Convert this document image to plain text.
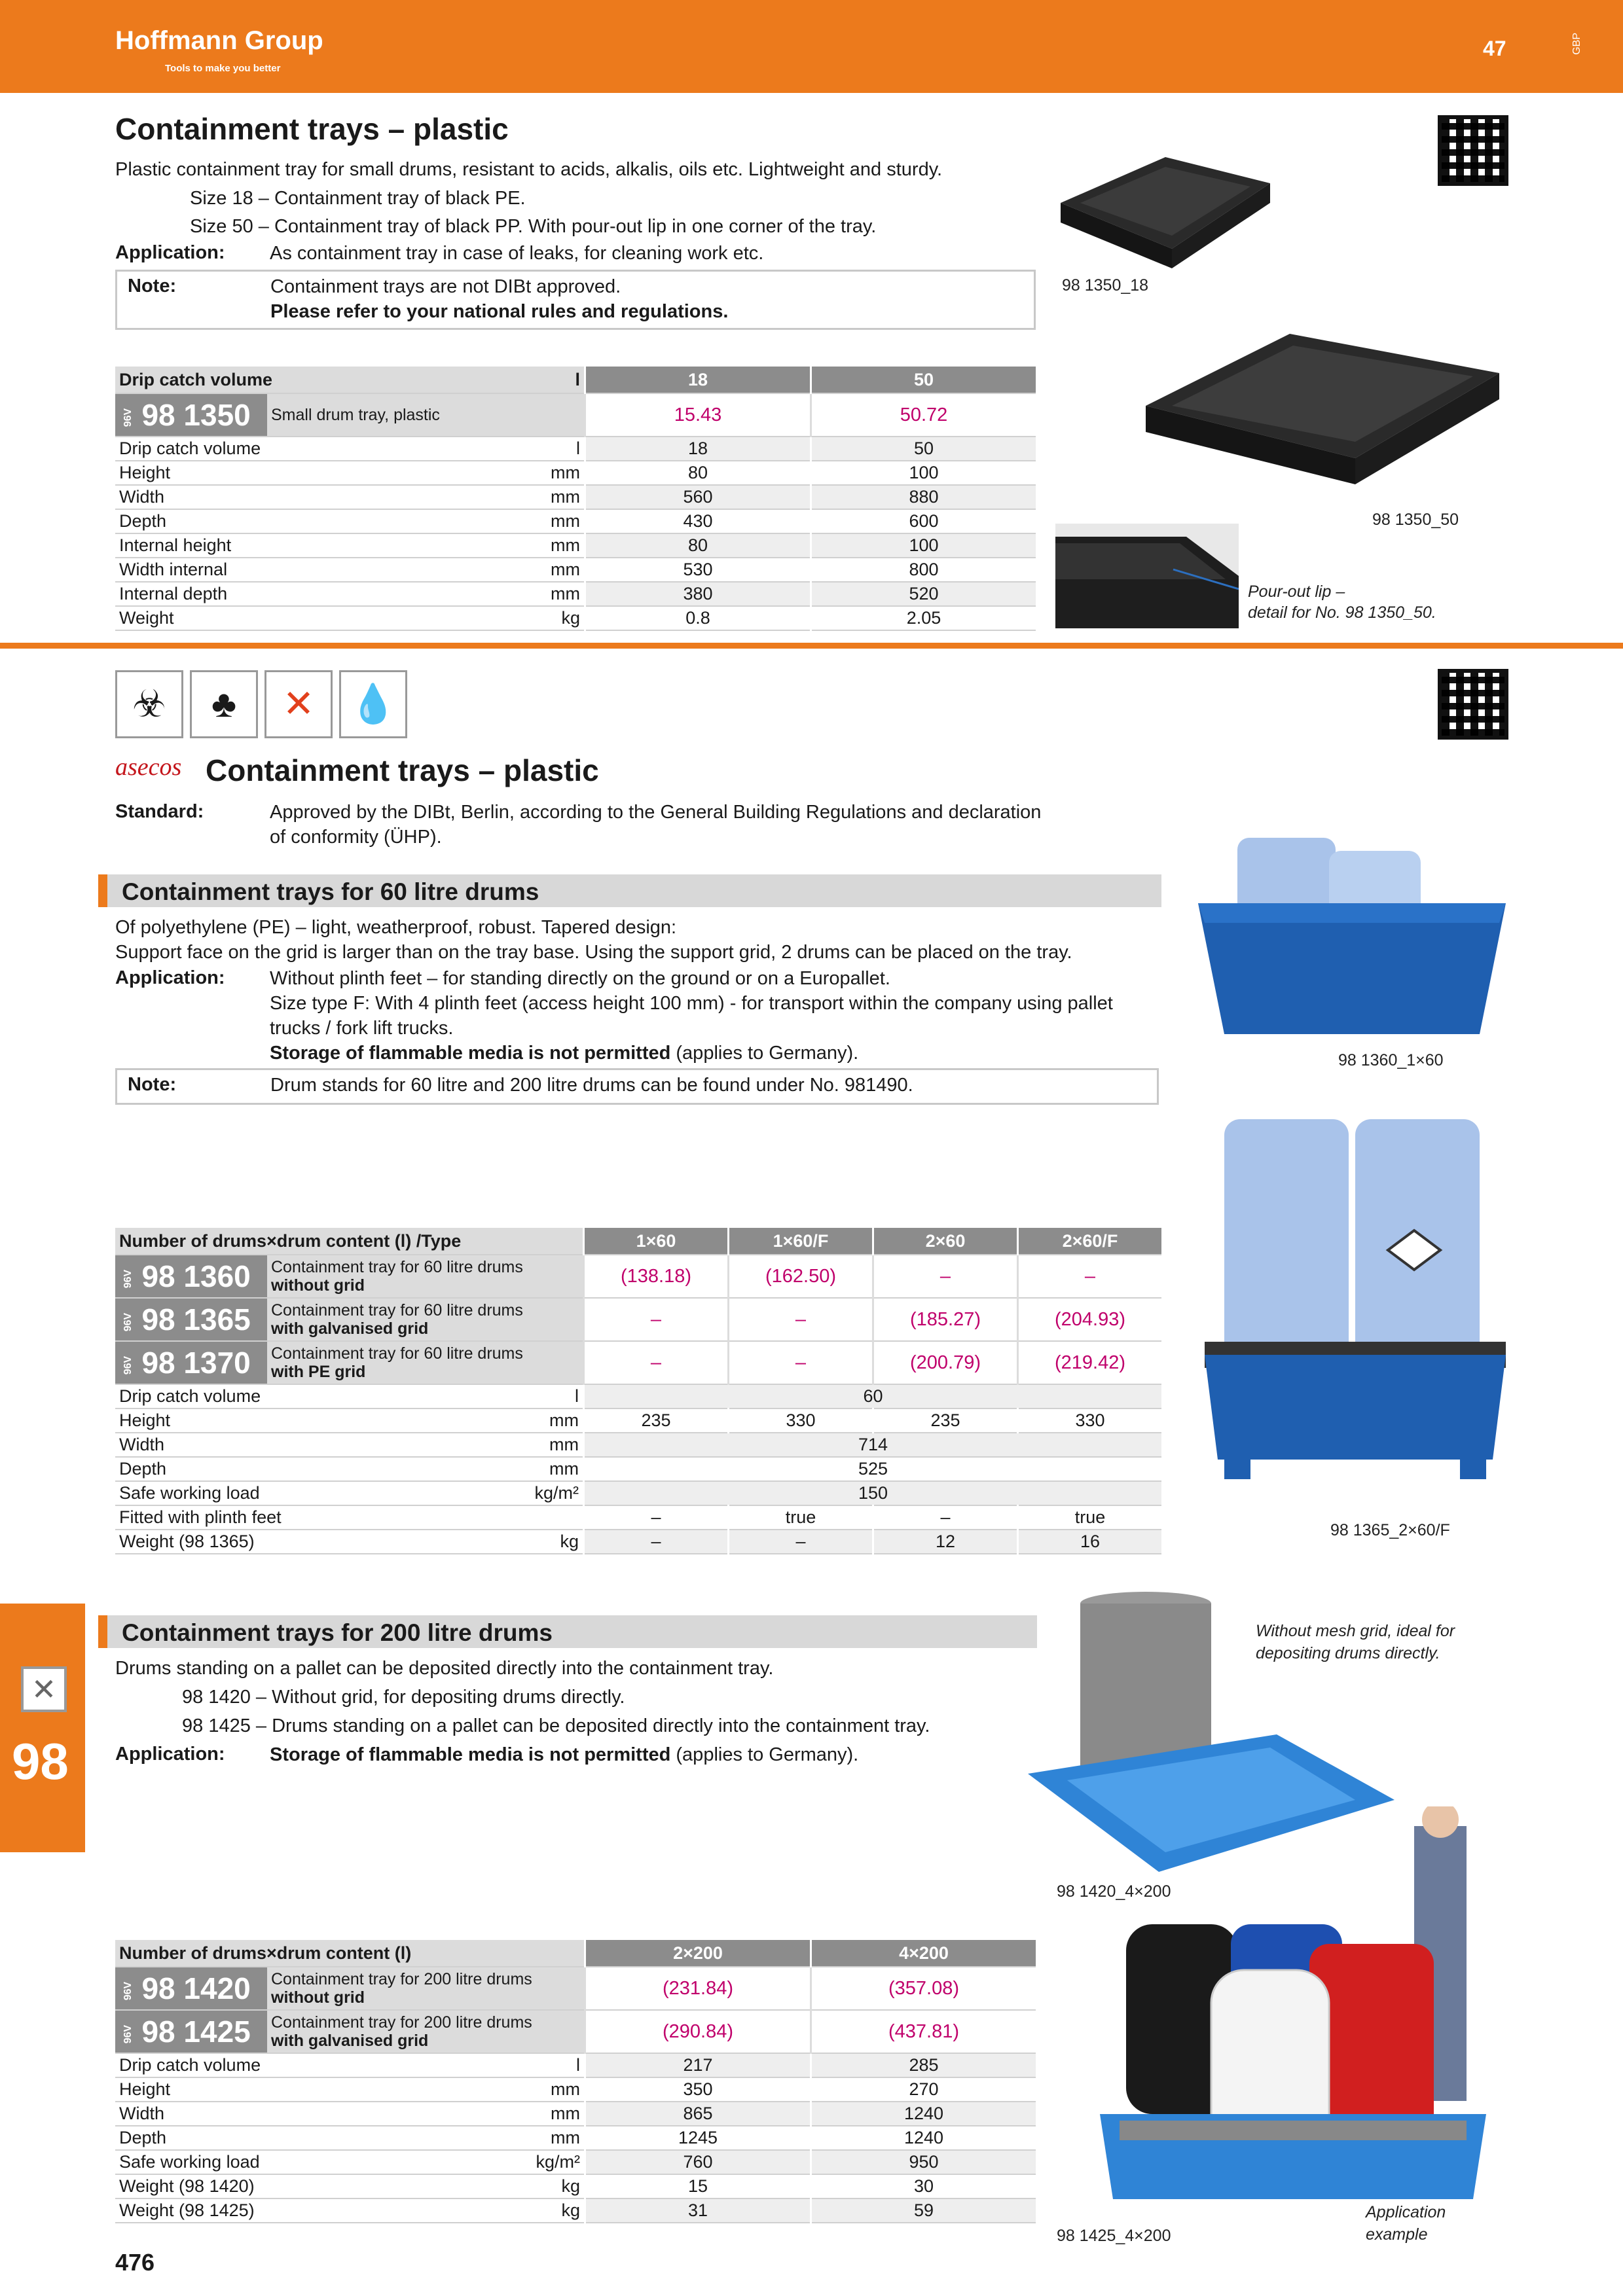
Hoffmann Group
Tools to make you better
47	GBP
Containment trays – plastic
Plastic containment tray for small drums, resistant to acids, alkalis, oils etc. Lightweight and sturdy.
Size 18 – Containment tray of black PE.
Size 50 – Containment tray of black PP. With pour-out lip in one corner of the tray.
Application: As containment tray in case of leaks, for cleaning work etc.
Note:	Containment trays are not DIBt approved.
Please refer to your national rules and regulations.
98 1350_18
98 1350_50
Pour-out lip –
detail for No. 98 1350_50.
Drip catch volume		l	18	50
96V 98 1350	Small drum tray, plastic		15.43	50.72
Drip catch volume		l	18	50
Height		mm	80	100
Width		mm	560	880
Depth		mm	430	600
Internal height		mm	80	100
Width internal		mm	530	800
Internal depth		mm	380	520
Weight		kg	0.8	2.05
☣	♣	✕ 💧
asecos Containment trays – plastic
Standard:	Approved by the DIBt, Berlin, according to the General Building Regulations and declaration
of conformity (ÜHP).
Containment trays for 60 litre drums
Of polyethylene (PE) – light, weatherproof, robust. Tapered design:
Support face on the grid is larger than on the tray base. Using the support grid, 2 drums can be placed on the tray.
Application: Without plinth feet – for standing directly on the ground or on a Europallet.
Size type F: With 4 plinth feet (access height 100 mm) - for transport within the company using pallet
trucks / fork lift trucks.
Storage of flammable media is not permitted (applies to Germany).
Note:	Drum stands for 60 litre and 200 litre drums can be found under No. 981490.
98 1360_1×60
98 1365_2×60/F
Number of drums×drum content (l) /Type			1×60	1×60/F	2×60	2×60/F
96V 98 1360	Containment tray for 60 litre drums
without grid		(138.18)	(162.50)	–	–
96V 98 1365	Containment tray for 60 litre drums
with galvanised grid		–	–	(185.27)	(204.93)
96V 98 1370	Containment tray for 60 litre drums
with PE grid		–	–	(200.79)	(219.42)
Drip catch volume		l	60			
Height		mm	235	330	235	330
Width		mm	714			
Depth		mm	525			
Safe working load		kg/m²	150			
Fitted with plinth feet			–	true	–	true
Weight (98 1365)		kg	–	–	12	16
Containment trays for 200 litre drums
Drums standing on a pallet can be deposited directly into the containment tray.
98 1420 – Without grid, for depositing drums directly.
98 1425 – Drums standing on a pallet can be deposited directly into the containment tray.
Application: Storage of flammable media is not permitted (applies to Germany).
Without mesh grid, ideal for
depositing drums directly.
98 1420_4×200
Application
example
98 1425_4×200
Number of drums×drum content (l)			2×200	4×200
96V 98 1420	Containment tray for 200 litre drums
without grid		(231.84)	(357.08)
96V 98 1425	Containment tray for 200 litre drums
with galvanised grid		(290.84)	(437.81)
Drip catch volume		l	217	285
Height		mm	350	270
Width		mm	865	1240
Depth		mm	1245	1240
Safe working load		kg/m²	760	950
Weight (98 1420)		kg	15	30
Weight (98 1425)		kg	31	59
✕
98
476
